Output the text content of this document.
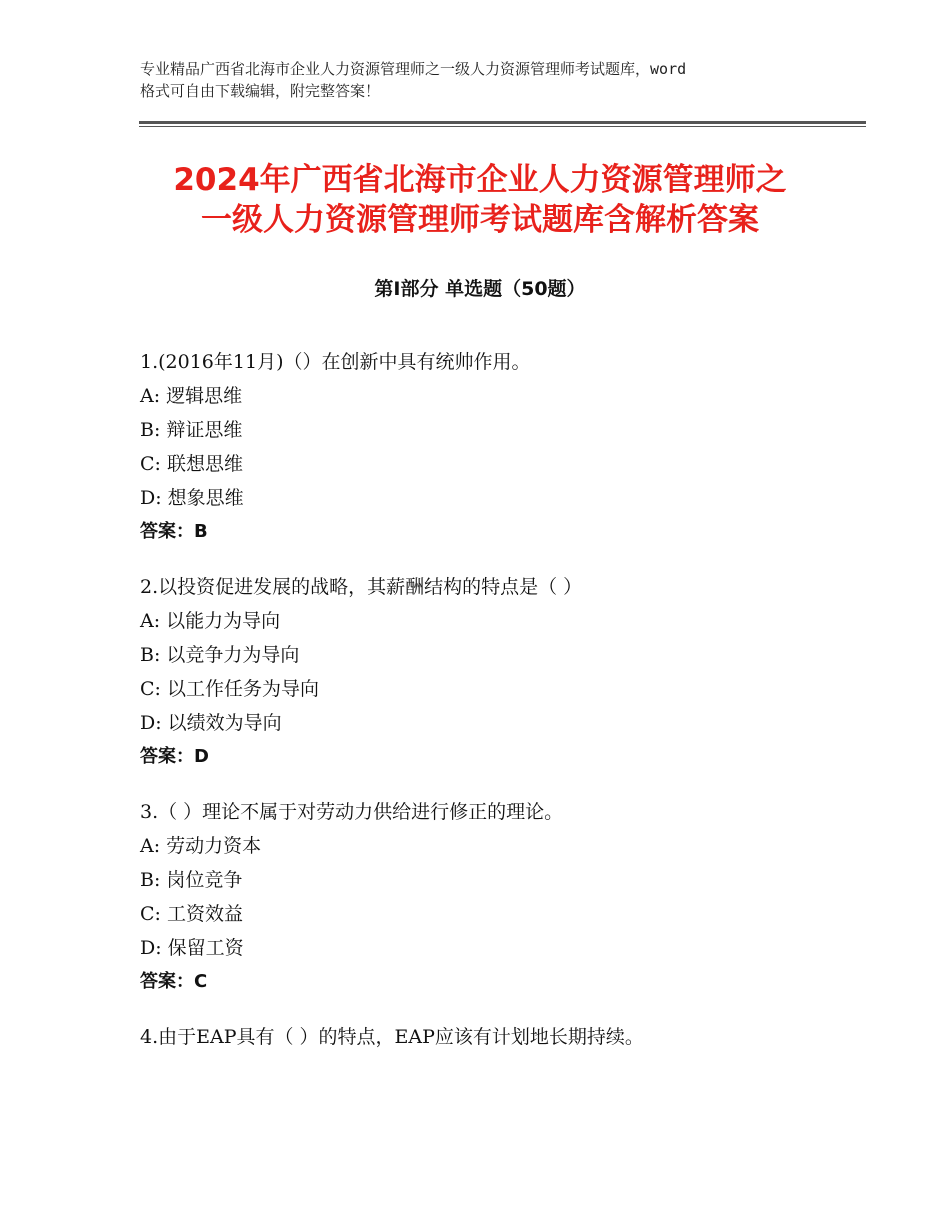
专业精品广西省北海市企业人力资源管理师之一级人力资源管理师考试题库，word
格式可自由下载编辑，附完整答案！
2024年广西省北海市企业人力资源管理师之
一级人力资源管理师考试题库含解析答案
第Ⅰ部分 单选题（50题）
1.(2016年11月)（）在创新中具有统帅作用。
A: 逻辑思维
B: 辩证思维
C: 联想思维
D: 想象思维
答案：B
2.以投资促进发展的战略，其薪酬结构的特点是（ ）
A: 以能力为导向
B: 以竞争力为导向
C: 以工作任务为导向
D: 以绩效为导向
答案：D
3.（ ）理论不属于对劳动力供给进行修正的理论。
A: 劳动力资本
B: 岗位竞争
C: 工资效益
D: 保留工资
答案：C
4.由于EAP具有（ ）的特点，EAP应该有计划地长期持续。
